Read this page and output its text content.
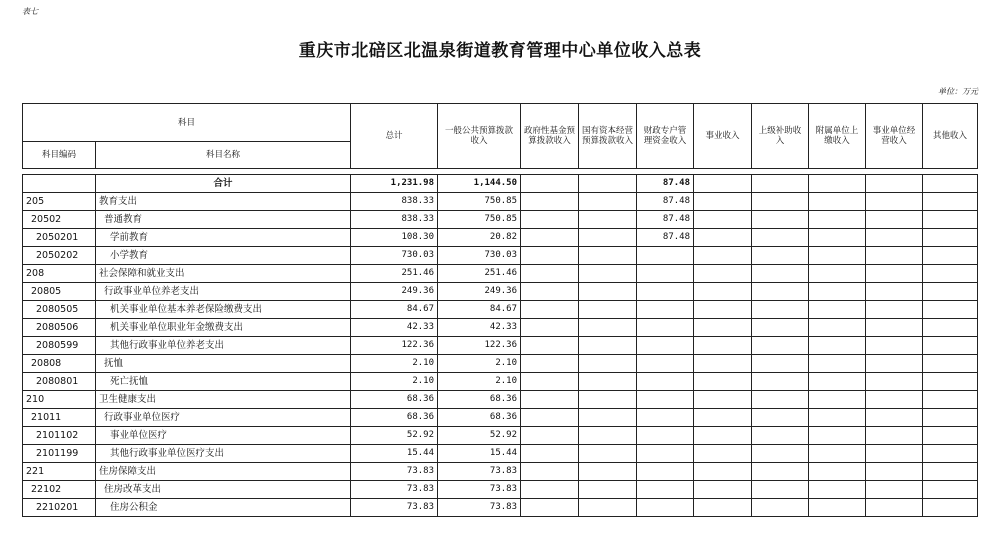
表七
重庆市北碚区北温泉街道教育管理中心单位收入总表
单位：万元
科目		总计	一般公共预算拨款收入	政府性基金预算拨款收入	国有资本经营预算拨款收入	财政专户管理资金收入	事业收入	上级补助收入	附属单位上缴收入	事业单位经营收入	其他收入
科目编码	科目名称										

	合计	1,231.98	1,144.50			87.48					
205	教育支出	838.33	750.85			87.48					
20502	普通教育	838.33	750.85			87.48					
2050201	学前教育	108.30	20.82			87.48					
2050202	小学教育	730.03	730.03								
208	社会保障和就业支出	251.46	251.46								
20805	行政事业单位养老支出	249.36	249.36								
2080505	机关事业单位基本养老保险缴费支出	84.67	84.67								
2080506	机关事业单位职业年金缴费支出	42.33	42.33								
2080599	其他行政事业单位养老支出	122.36	122.36								
20808	抚恤	2.10	2.10								
2080801	死亡抚恤	2.10	2.10								
210	卫生健康支出	68.36	68.36								
21011	行政事业单位医疗	68.36	68.36								
2101102	事业单位医疗	52.92	52.92								
2101199	其他行政事业单位医疗支出	15.44	15.44								
221	住房保障支出	73.83	73.83								
22102	住房改革支出	73.83	73.83								
2210201	住房公积金	73.83	73.83								
